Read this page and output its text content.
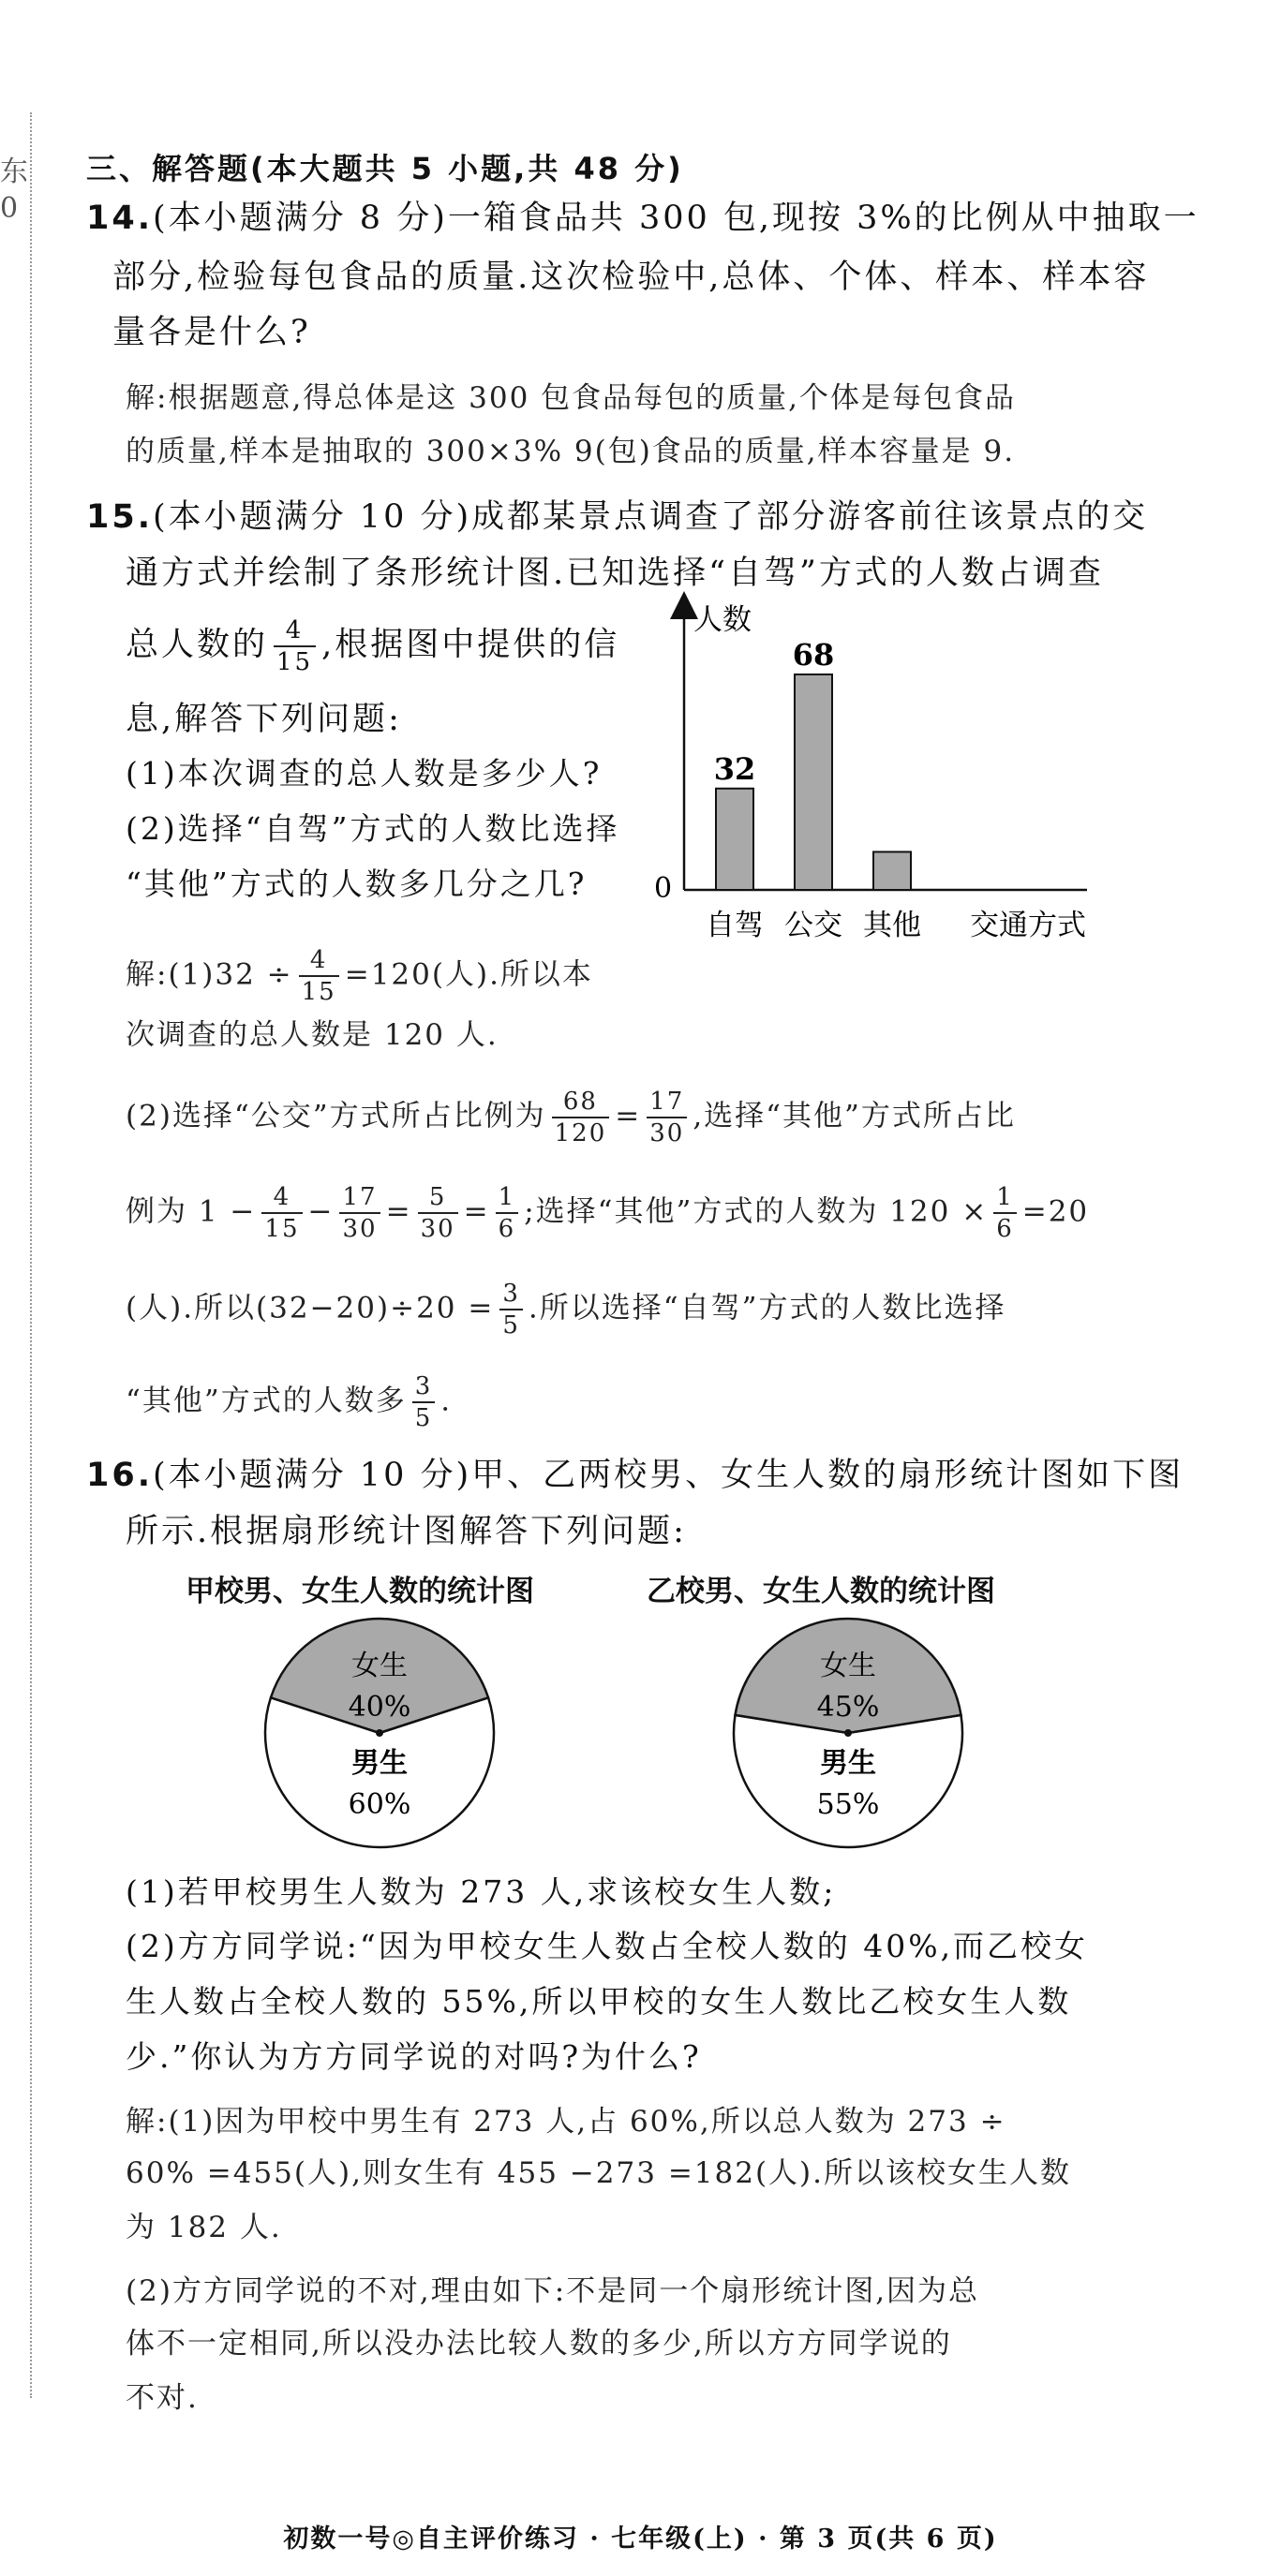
东
0
三、解答题(本大题共 5 小题,共 48 分)
14.(本小题满分 8 分)一箱食品共 300 包,现按 3%的比例从中抽取一
部分,检验每包食品的质量.这次检验中,总体、个体、样本、样本容
量各是什么?
解:根据题意,得总体是这 300 包食品每包的质量,个体是每包食品
的质量,样本是抽取的 300×3% 9(包)食品的质量,样本容量是 9.
15.(本小题满分 10 分)成都某景点调查了部分游客前往该景点的交
通方式并绘制了条形统计图.已知选择“自驾”方式的人数占调查
总人数的 $\frac{4}{15}$ ,根据图中提供的信
息,解答下列问题:
(1)本次调查的总人数是多少人?
(2)选择“自驾”方式的人数比选择
“其他”方式的人数多几分之几?
人数
0
交通方式
32
自驾
68
公交 其他
解:(1)32 ÷ $\frac{4}{15} =120$(人).所以本
次调查的总人数是 120 人.
(2)选择“公交”方式所占比例为 $\frac{68}{120} = \frac{17}{30}$ ,选择“其他”方式所占比
例为 $1 - \frac{4}{15} - \frac{17}{30} = \frac{5}{30} = \frac{1}{6}$ ;选择“其他”方式的人数为 $120 \times \frac{1}{6} =20$
(人).所以$(32-20)\div 20 = \frac{3}{5}$ .所以选择“自驾”方式的人数比选择
“其他”方式的人数多 $\frac{3}{5}$ .
16.(本小题满分 10 分)甲、乙两校男、女生人数的扇形统计图如下图
所示.根据扇形统计图解答下列问题:
甲校男、女生人数的统计图	乙校男、女生人数的统计图
女生
40%
男生
60%
女生
45%
男生
55%
(1)若甲校男生人数为 273 人,求该校女生人数;
(2)方方同学说:“因为甲校女生人数占全校人数的 40%,而乙校女
生人数占全校人数的 55%,所以甲校的女生人数比乙校女生人数
少.”你认为方方同学说的对吗?为什么?
解:(1)因为甲校中男生有 273 人,占 60%,所以总人数为 273 ÷
60% =455(人),则女生有 455 −273 =182(人).所以该校女生人数
为 182 人.
(2)方方同学说的不对,理由如下:不是同一个扇形统计图,因为总
体不一定相同,所以没办法比较人数的多少,所以方方同学说的
不对.
初数一号◎自主评价练习 · 七年级(上) · 第 3 页(共 6 页)
